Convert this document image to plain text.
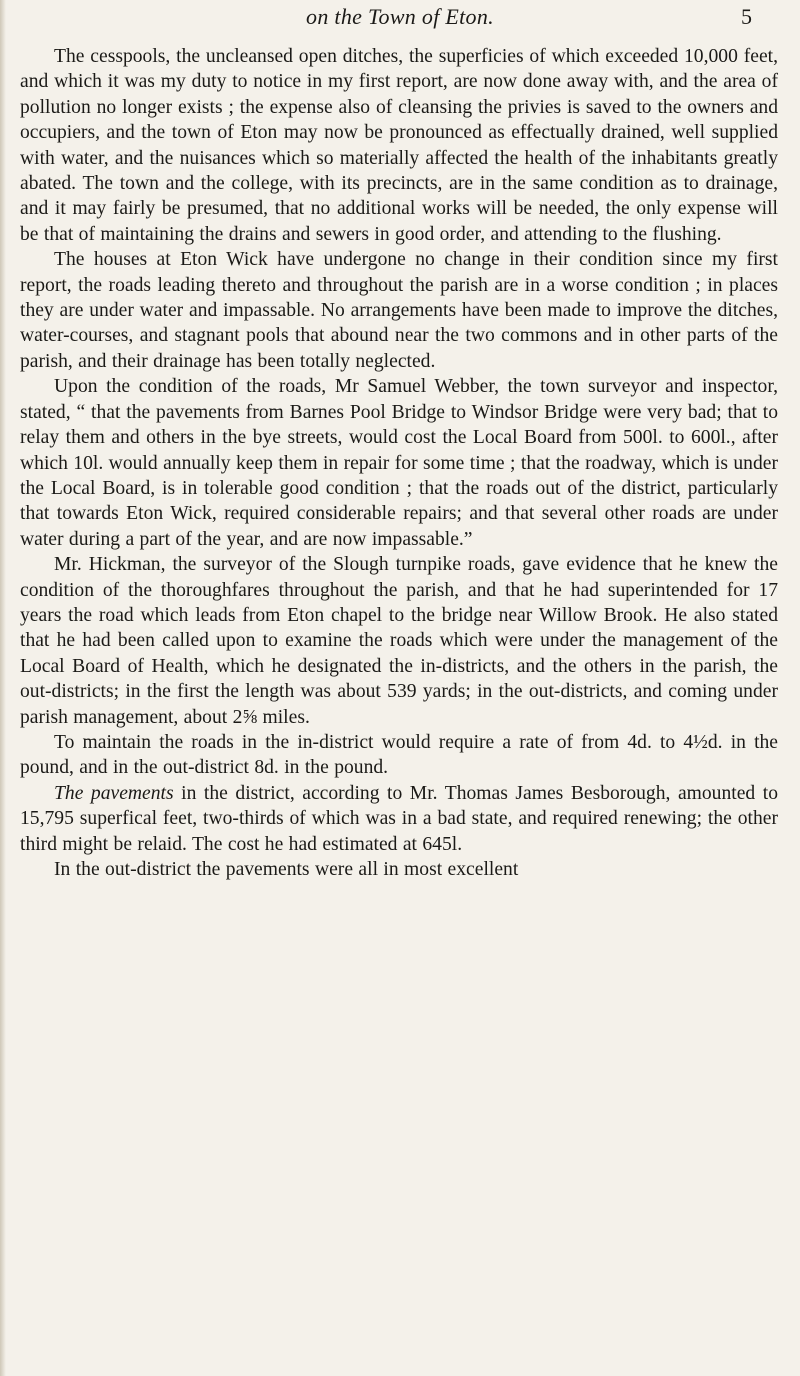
on the Town of Eton.	5

The cesspools, the uncleansed open ditches, the superficies of which exceeded 10,000 feet, and which it was my duty to notice in my first report, are now done away with, and the area of pollution no longer exists ; the expense also of cleansing the privies is saved to the owners and occupiers, and the town of Eton may now be pronounced as effectually drained, well supplied with water, and the nuisances which so materially affected the health of the inhabitants greatly abated. The town and the college, with its precincts, are in the same condition as to drainage, and it may fairly be presumed, that no additional works will be needed, the only expense will be that of maintaining the drains and sewers in good order, and attending to the flushing.

The houses at Eton Wick have undergone no change in their condition since my first report, the roads leading thereto and throughout the parish are in a worse condition ; in places they are under water and impassable. No arrangements have been made to improve the ditches, water-courses, and stagnant pools that abound near the two commons and in other parts of the parish, and their drainage has been totally neglected.

Upon the condition of the roads, Mr Samuel Webber, the town surveyor and inspector, stated, “ that the pavements from Barnes Pool Bridge to Windsor Bridge were very bad; that to relay them and others in the bye streets, would cost the Local Board from 500l. to 600l., after which 10l. would annually keep them in repair for some time ; that the roadway, which is under the Local Board, is in tolerable good condition ; that the roads out of the district, particularly that towards Eton Wick, required considerable repairs; and that several other roads are under water during a part of the year, and are now impassable.”

Mr. Hickman, the surveyor of the Slough turnpike roads, gave evidence that he knew the condition of the thoroughfares throughout the parish, and that he had superintended for 17 years the road which leads from Eton chapel to the bridge near Willow Brook. He also stated that he had been called upon to examine the roads which were under the management of the Local Board of Health, which he designated the in-districts, and the others in the parish, the out-districts; in the first the length was about 539 yards; in the out-districts, and coming under parish management, about 2⅝ miles.

To maintain the roads in the in-district would require a rate of from 4d. to 4½d. in the pound, and in the out-district 8d. in the pound.

The pavements in the district, according to Mr. Thomas James Besborough, amounted to 15,795 superfical feet, two-thirds of which was in a bad state, and required renewing; the other third might be relaid. The cost he had estimated at 645l.

In the out-district the pavements were all in most excellent
